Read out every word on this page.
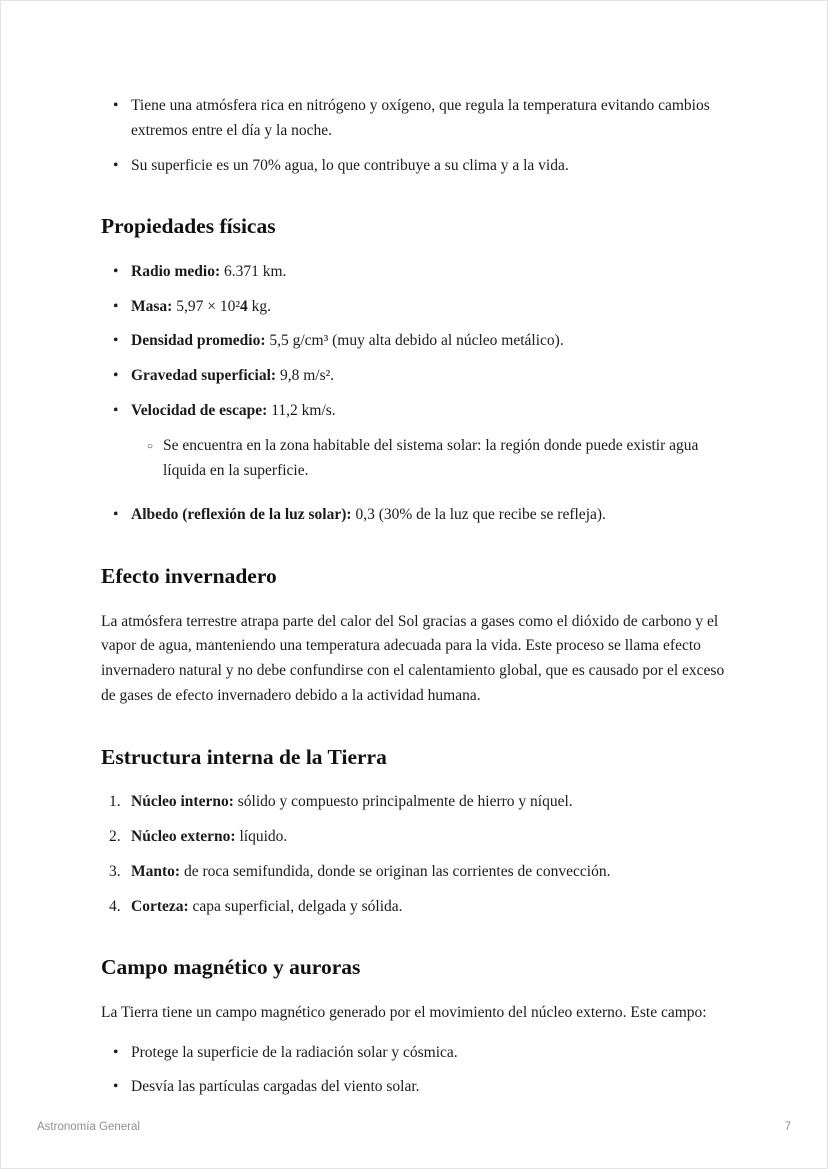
• Tiene una atmósfera rica en nitrógeno y oxígeno, que regula la temperatura evitando cambios extremos entre el día y la noche.
• Su superficie es un 70% agua, lo que contribuye a su clima y a la vida.
Propiedades físicas
• Radio medio: 6.371 km.
• Masa: 5,97 × 10²4 kg.
• Densidad promedio: 5,5 g/cm³ (muy alta debido al núcleo metálico).
• Gravedad superficial: 9,8 m/s².
• Velocidad de escape: 11,2 km/s.
○ Se encuentra en la zona habitable del sistema solar: la región donde puede existir agua líquida en la superficie.
• Albedo (reflexión de la luz solar): 0,3 (30% de la luz que recibe se refleja).
Efecto invernadero

La atmósfera terrestre atrapa parte del calor del Sol gracias a gases como el dióxido de carbono y el vapor de agua, manteniendo una temperatura adecuada para la vida. Este proceso se llama efecto invernadero natural y no debe confundirse con el calentamiento global, que es causado por el exceso de gases de efecto invernadero debido a la actividad humana.

Estructura interna de la Tierra
1. Núcleo interno: sólido y compuesto principalmente de hierro y níquel.
2. Núcleo externo: líquido.
3. Manto: de roca semifundida, donde se originan las corrientes de convección.
4. Corteza: capa superficial, delgada y sólida.
Campo magnético y auroras

La Tierra tiene un campo magnético generado por el movimiento del núcleo externo. Este campo:

• Protege la superficie de la radiación solar y cósmica.
• Desvía las partículas cargadas del viento solar.
Astronomía General	7
